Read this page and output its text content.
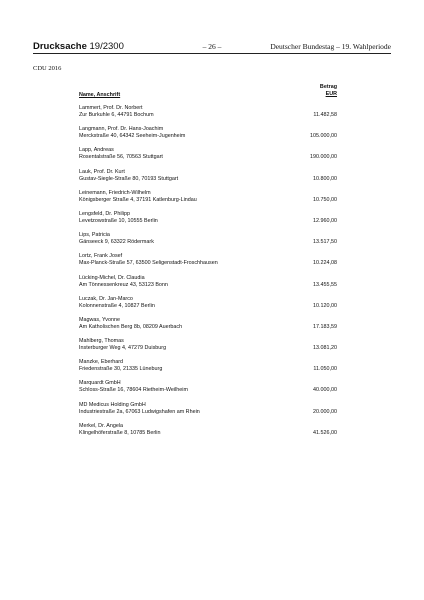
Drucksache 19/2300	– 26 –	Deutscher Bundestag – 19. Wahlperiode
CDU 2016
Name, Anschrift
Betrag
EUR
Lammert, Prof. Dr. Norbert
Zur Burkuhle 6, 44791 Bochum	11.482,58
Langmann, Prof. Dr. Hans-Joachim
Merckstraße 40, 64342 Seeheim-Jugenheim	105.000,00
Lapp, Andreas
Rosentalstraße 56, 70563 Stuttgart	190.000,00
Lauk, Prof. Dr. Kurt
Gustav-Siegle-Straße 80, 70193 Stuttgart	10.800,00
Leinemann, Friedrich-Wilhelm
Königsberger Straße 4, 37191 Katlenburg-Lindau	10.750,00
Lengsfeld, Dr. Philipp
Levetzowstraße 10, 10555 Berlin	12.960,00
Lips, Patricia
Gänseeck 9, 63322 Rödermark	13.517,50
Lortz, Frank Josef
Max-Planck-Straße 57, 63500 Seligenstadt-Froschhausen	10.224,08
Lücking-Michel, Dr. Claudia
Am Tönnessenkreuz 43, 53123 Bonn	13.455,55
Luczak, Dr. Jan-Marco
Kolonnenstraße 4, 10827 Berlin	10.120,00
Magwas, Yvonne
Am Katholischen Berg 8b, 08209 Auerbach	17.183,59
Mahlberg, Thomas
Insterburger Weg 4, 47279 Duisburg	13.081,20
Manzke, Eberhard
Friedenstraße 30, 21335 Lüneburg	11.050,00
Marquardt GmbH
Schloss-Straße 16, 78604 Rietheim-Weilheim	40.000,00
MD Medicus Holding GmbH
Industriestraße 2a, 67063 Ludwigshafen am Rhein	20.000,00
Merkel, Dr. Angela
Klingelhöferstraße 8, 10785 Berlin	41.526,00
